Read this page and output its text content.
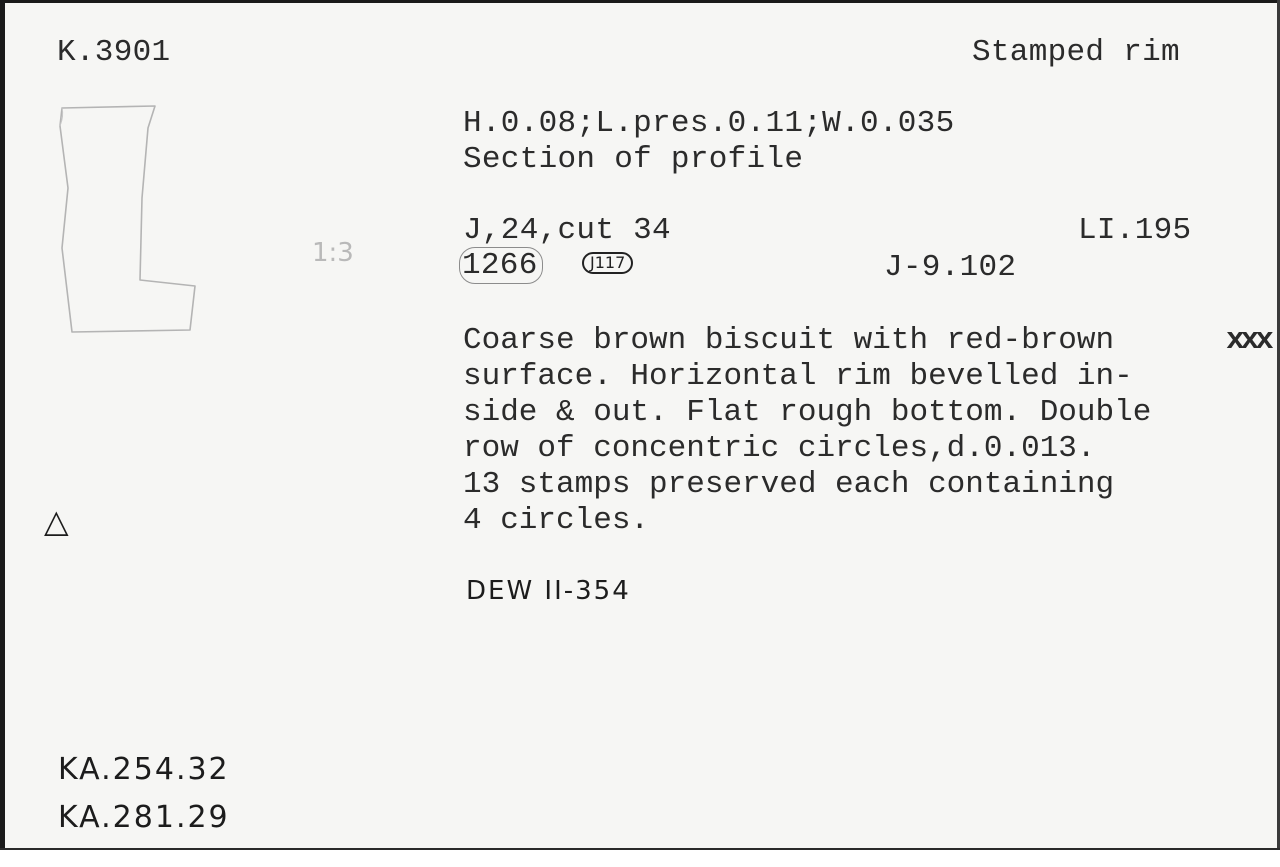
K.3901	Stamped rim
1:3
H.0.08;L.pres.0.11;W.0.035
Section of profile
J,24,cut 34	LI.195
1266	J117	J-9.102
Coarse brown biscuit with red-brown	xxx
surface. Horizontal rim bevelled in-
side & out. Flat rough bottom. Double
row of concentric circles,d.0.013.
13 stamps preserved each containing
4 circles.
△
DEW II-354
KA.254.32
KA.281.29
